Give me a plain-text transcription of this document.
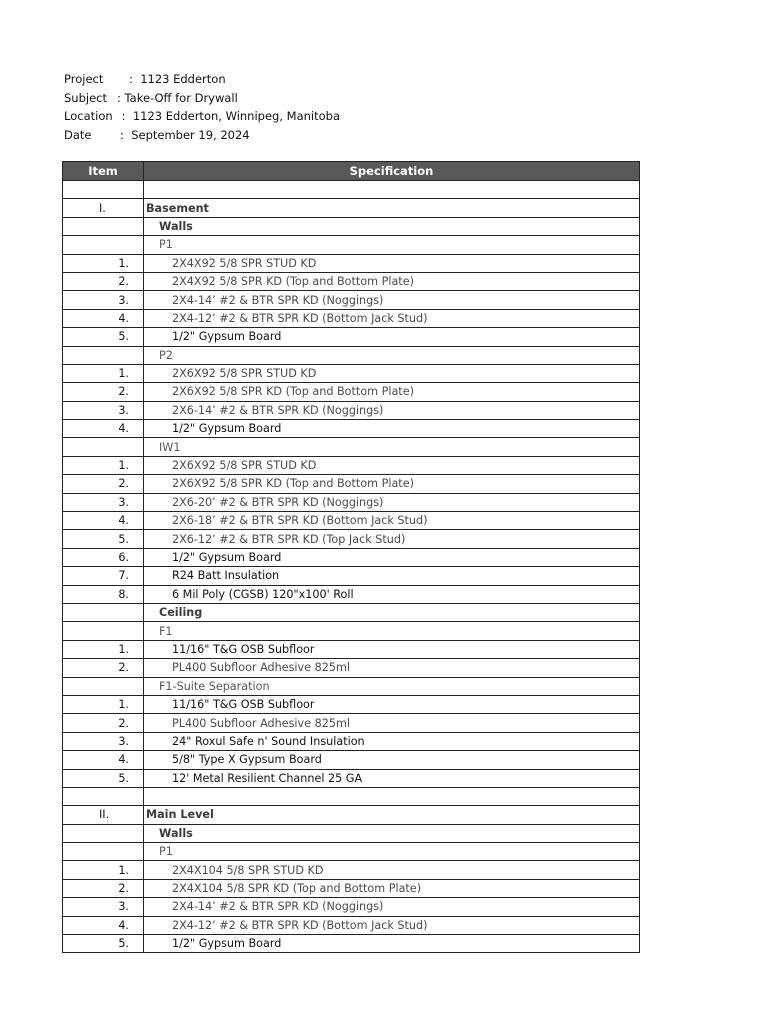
Project	: 1123 Edderton
Subject : Take-Off for Drywall
Location : 1123 Edderton, Winnipeg, Manitoba
Date	: September 19, 2024
Item	Specification

I.	Basement
	Walls
	P1
1.	2X4X92 5/8 SPR STUD KD
2.	2X4X92 5/8 SPR KD (Top and Bottom Plate)
3.	2X4-14’ #2 & BTR SPR KD (Noggings)
4.	2X4-12’ #2 & BTR SPR KD (Bottom Jack Stud)
5.	1/2" Gypsum Board
	P2
1.	2X6X92 5/8 SPR STUD KD
2.	2X6X92 5/8 SPR KD (Top and Bottom Plate)
3.	2X6-14’ #2 & BTR SPR KD (Noggings)
4.	1/2" Gypsum Board
	IW1
1.	2X6X92 5/8 SPR STUD KD
2.	2X6X92 5/8 SPR KD (Top and Bottom Plate)
3.	2X6-20’ #2 & BTR SPR KD (Noggings)
4.	2X6-18’ #2 & BTR SPR KD (Bottom Jack Stud)
5.	2X6-12’ #2 & BTR SPR KD (Top Jack Stud)
6.	1/2" Gypsum Board
7.	R24 Batt Insulation
8.	6 Mil Poly (CGSB) 120"x100' Roll
	Ceiling
	F1
1.	11/16" T&G OSB Subfloor
2.	PL400 Subfloor Adhesive 825ml
	F1-Suite Separation
1.	11/16" T&G OSB Subfloor
2.	PL400 Subfloor Adhesive 825ml
3.	24" Roxul Safe n' Sound Insulation
4.	5/8" Type X Gypsum Board
5.	12' Metal Resilient Channel 25 GA

II.	Main Level
	Walls
	P1
1.	2X4X104 5/8 SPR STUD KD
2.	2X4X104 5/8 SPR KD (Top and Bottom Plate)
3.	2X4-14’ #2 & BTR SPR KD (Noggings)
4.	2X4-12’ #2 & BTR SPR KD (Bottom Jack Stud)
5.	1/2" Gypsum Board
